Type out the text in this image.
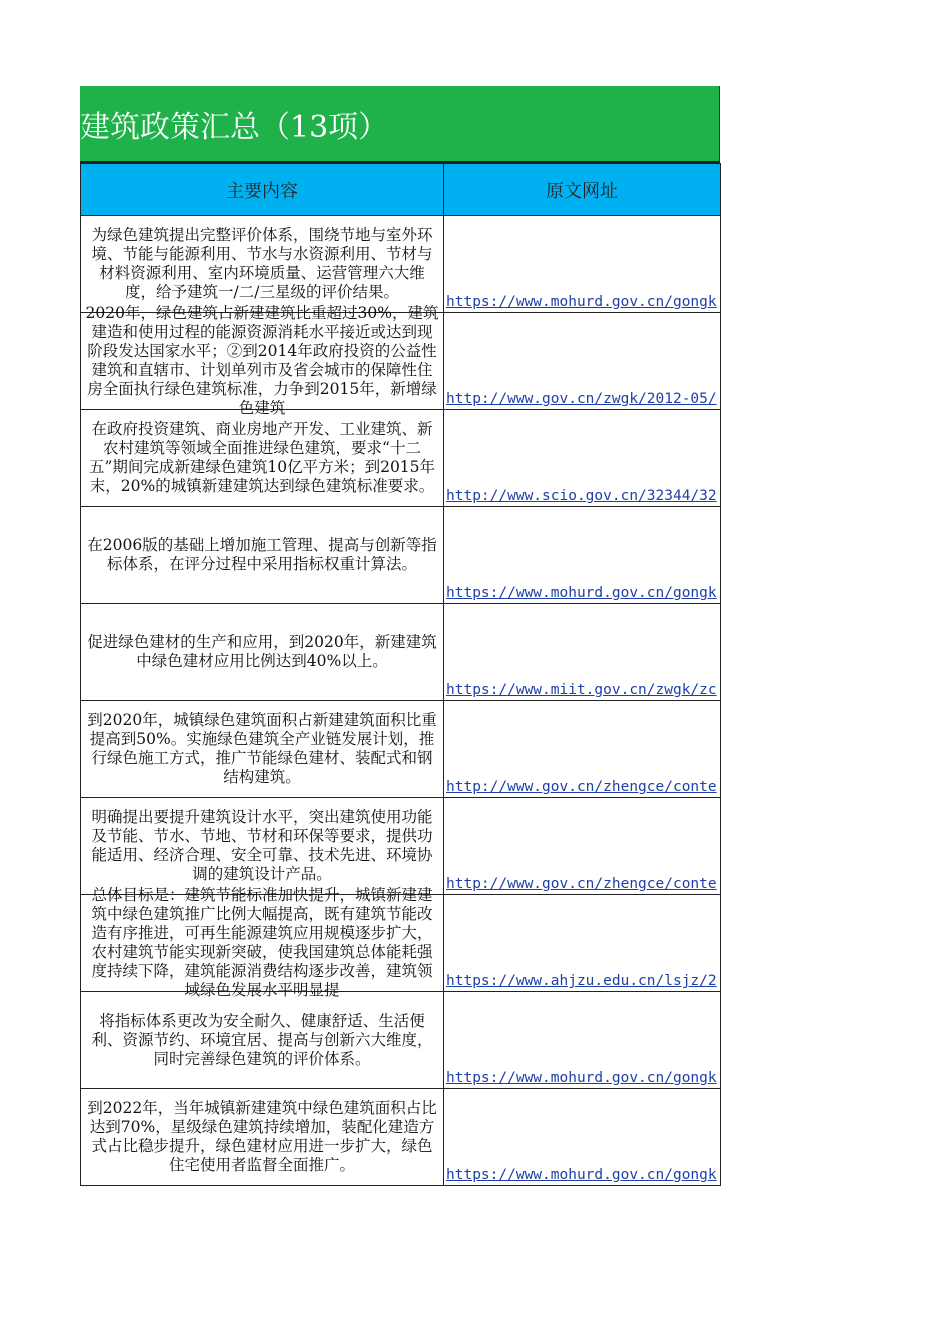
建筑政策汇总（13项）
主要内容	原文网址

为绿色建筑提出完整评价体系，围绕节地与室外环境、节能与能源利用、节水与水资源利用、节材与材料资源利用、室内环境质量、运营管理六大维度，给予建筑一/二/三星级的评价结果。	https://www.mohurd.gov.cn/gongk

2020年，绿色建筑占新建建筑比重超过30%，建筑建造和使用过程的能源资源消耗水平接近或达到现阶段发达国家水平；②到2014年政府投资的公益性建筑和直辖市、计划单列市及省会城市的保障性住房全面执行绿色建筑标准，力争到2015年，新增绿色建筑	http://www.gov.cn/zwgk/2012-05/

在政府投资建筑、商业房地产开发、工业建筑、新农村建筑等领域全面推进绿色建筑，要求“十二五”期间完成新建绿色建筑10亿平方米；到2015年末，20%的城镇新建建筑达到绿色建筑标准要求。	http://www.scio.gov.cn/32344/32

在2006版的基础上增加施工管理、提高与创新等指标体系，在评分过程中采用指标权重计算法。	https://www.mohurd.gov.cn/gongk

促进绿色建材的生产和应用，到2020年，新建建筑中绿色建材应用比例达到40%以上。	https://www.miit.gov.cn/zwgk/zc

到2020年，城镇绿色建筑面积占新建建筑面积比重提高到50%。实施绿色建筑全产业链发展计划，推行绿色施工方式，推广节能绿色建材、装配式和钢结构建筑。	http://www.gov.cn/zhengce/conte

明确提出要提升建筑设计水平，突出建筑使用功能及节能、节水、节地、节材和环保等要求，提供功能适用、经济合理、安全可靠、技术先进、环境协调的建筑设计产品。	http://www.gov.cn/zhengce/conte

总体目标是：建筑节能标准加快提升，城镇新建建筑中绿色建筑推广比例大幅提高，既有建筑节能改造有序推进，可再生能源建筑应用规模逐步扩大，农村建筑节能实现新突破，使我国建筑总体能耗强度持续下降，建筑能源消费结构逐步改善，建筑领域绿色发展水平明显提	https://www.ahjzu.edu.cn/lsjz/2

将指标体系更改为安全耐久、健康舒适、生活便利、资源节约、环境宜居、提高与创新六大维度，同时完善绿色建筑的评价体系。	https://www.mohurd.gov.cn/gongk

到2022年，当年城镇新建建筑中绿色建筑面积占比达到70%，星级绿色建筑持续增加，装配化建造方式占比稳步提升，绿色建材应用进一步扩大，绿色住宅使用者监督全面推广。	https://www.mohurd.gov.cn/gongk
